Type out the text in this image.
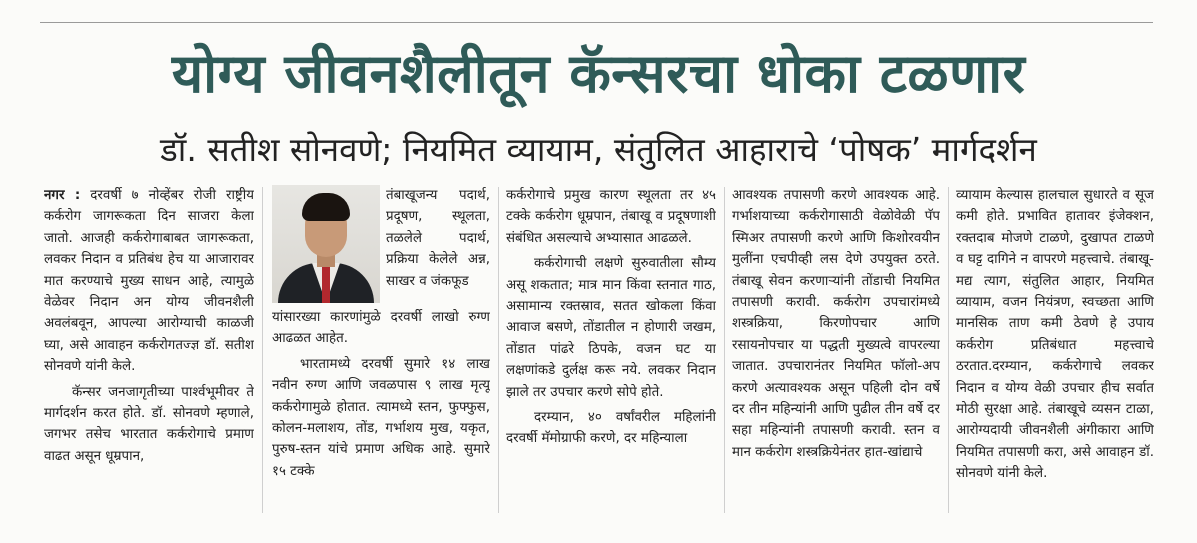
योग्य जीवनशैलीतून कॅन्सरचा धोका टळणार
डॉ. सतीश सोनवणे; नियमित व्यायाम, संतुलित आहाराचे ‘पोषक’ मार्गदर्शन

नगर : दरवर्षी ७ नोव्हेंबर रोजी राष्ट्रीय कर्करोग जागरूकता दिन साजरा केला जातो. आजही कर्करोगाबाबत जागरूकता, लवकर निदान व प्रतिबंध हेच या आजारावर मात करण्याचे मुख्य साधन आहे, त्यामुळे वेळेवर निदान अन योग्य जीवनशैली अवलंबवून, आपल्या आरोग्याची काळजी घ्या, असे आवाहन कर्करोगतज्ज्ञ डॉ. सतीश सोनवणे यांनी केले.

कॅन्सर जनजागृतीच्या पार्श्वभूमीवर ते मार्गदर्शन करत होते. डॉ. सोनवणे म्हणाले, जगभर तसेच भारतात कर्करोगाचे प्रमाण वाढत असून धूम्रपान,

तंबाखूजन्य पदार्थ, प्रदूषण, स्थूलता, तळलेले पदार्थ, प्रक्रिया केलेले अन्न, साखर व जंकफूड

यांसारख्या कारणांमुळे दरवर्षी लाखो रुग्ण आढळत आहेत.

भारतामध्ये दरवर्षी सुमारे १४ लाख नवीन रुग्ण आणि जवळपास ९ लाख मृत्यू कर्करोगामुळे होतात. त्यामध्ये स्तन, फुफ्फुस, कोलन-मलाशय, तोंड, गर्भाशय मुख, यकृत, पुरुष-स्तन यांचे प्रमाण अधिक आहे. सुमारे १५ टक्के

कर्करोगाचे प्रमुख कारण स्थूलता तर ४५ टक्के कर्करोग धूम्रपान, तंबाखू व प्रदूषणाशी संबंधित असल्याचे अभ्यासात आढळले.

कर्करोगाची लक्षणे सुरुवातीला सौम्य असू शकतात; मात्र मान किंवा स्तनात गाठ, असामान्य रक्तस्राव, सतत खोकला किंवा आवाज बसणे, तोंडातील न होणारी जखम, तोंडात पांढरे ठिपके, वजन घट या लक्षणांकडे दुर्लक्ष करू नये. लवकर निदान झाले तर उपचार करणे सोपे होते.

दरम्यान, ४० वर्षांवरील महिलांनी दरवर्षी मॅमोग्राफी करणे, दर महिन्याला

आवश्यक तपासणी करणे आवश्यक आहे. गर्भाशयाच्या कर्करोगासाठी वेळोवेळी पॅप स्मिअर तपासणी करणे आणि किशोरवयीन मुलींना एचपीव्ही लस देणे उपयुक्त ठरते. तंबाखू सेवन करणाऱ्यांनी तोंडाची नियमित तपासणी करावी. कर्करोग उपचारांमध्ये शस्त्रक्रिया, किरणोपचार आणि रसायनोपचार या पद्धती मुख्यत्वे वापरल्या जातात. उपचारानंतर नियमित फॉलो-अप करणे अत्यावश्यक असून पहिली दोन वर्षे दर तीन महिन्यांनी आणि पुढील तीन वर्षे दर सहा महिन्यांनी तपासणी करावी. स्तन व मान कर्करोग शस्त्रक्रियेनंतर हात-खांद्याचे

व्यायाम केल्यास हालचाल सुधारते व सूज कमी होते. प्रभावित हातावर इंजेक्शन, रक्तदाब मोजणे टाळणे, दुखापत टाळणे व घट्ट दागिने न वापरणे महत्त्वाचे. तंबाखू-मद्य त्याग, संतुलित आहार, नियमित व्यायाम, वजन नियंत्रण, स्वच्छता आणि मानसिक ताण कमी ठेवणे हे उपाय कर्करोग प्रतिबंधात महत्त्वाचे ठरतात.दरम्यान, कर्करोगाचे लवकर निदान व योग्य वेळी उपचार हीच सर्वात मोठी सुरक्षा आहे. तंबाखूचे व्यसन टाळा, आरोग्यदायी जीवनशैली अंगीकारा आणि नियमित तपासणी करा, असे आवाहन डॉ. सोनवणे यांनी केले.
